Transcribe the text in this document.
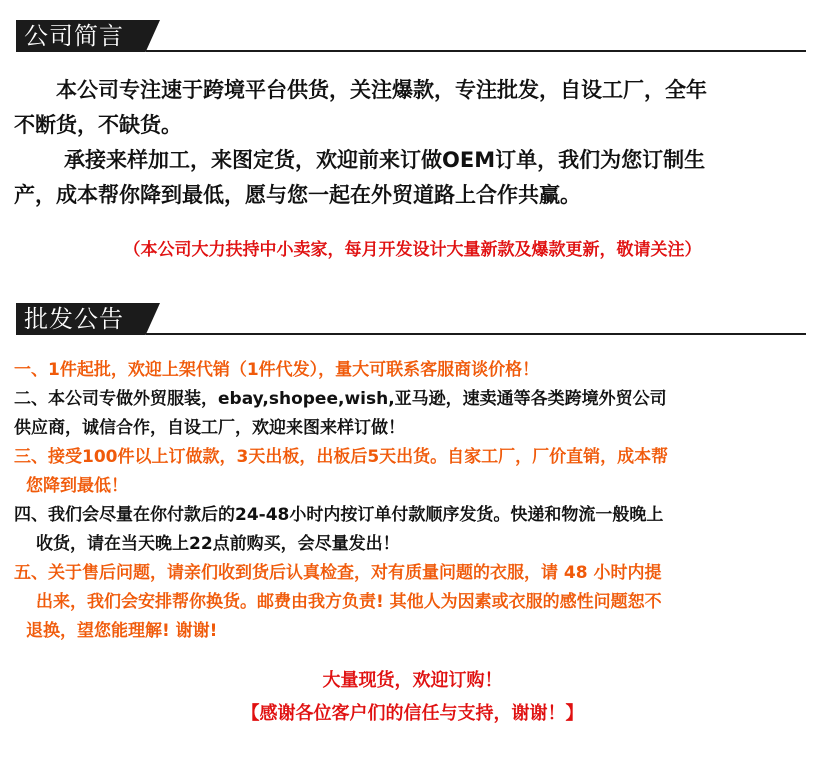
公司简言

本公司专注速于跨境平台供货，关注爆款，专注批发，自设工厂，全年

不断货，不缺货。

承接来样加工，来图定货，欢迎前来订做OEM订单，我们为您订制生

产，成本帮你降到最低，愿与您一起在外贸道路上合作共赢。

（本公司大力扶持中小卖家，每月开发设计大量新款及爆款更新，敬请关注）
批发公告

一、1件起批，欢迎上架代销（1件代发），量大可联系客服商谈价格！

二、本公司专做外贸服装，ebay,shopee,wish,亚马逊，速卖通等各类跨境外贸公司

供应商，诚信合作，自设工厂，欢迎来图来样订做！

三、接受100件以上订做款，3天出板，出板后5天出货。自家工厂，厂价直销，成本帮

您降到最低！

四、我们会尽量在你付款后的24-48小时内按订单付款顺序发货。快递和物流一般晚上

收货，请在当天晚上22点前购买，会尽量发出！

五、关于售后问题，请亲们收到货后认真检查，对有质量问题的衣服，请 48 小时内提

出来，我们会安排帮你换货。邮费由我方负责! 其他人为因素或衣服的感性问题恕不

退换，望您能理解! 谢谢!

大量现货，欢迎订购！
【感谢各位客户们的信任与支持，谢谢！】
